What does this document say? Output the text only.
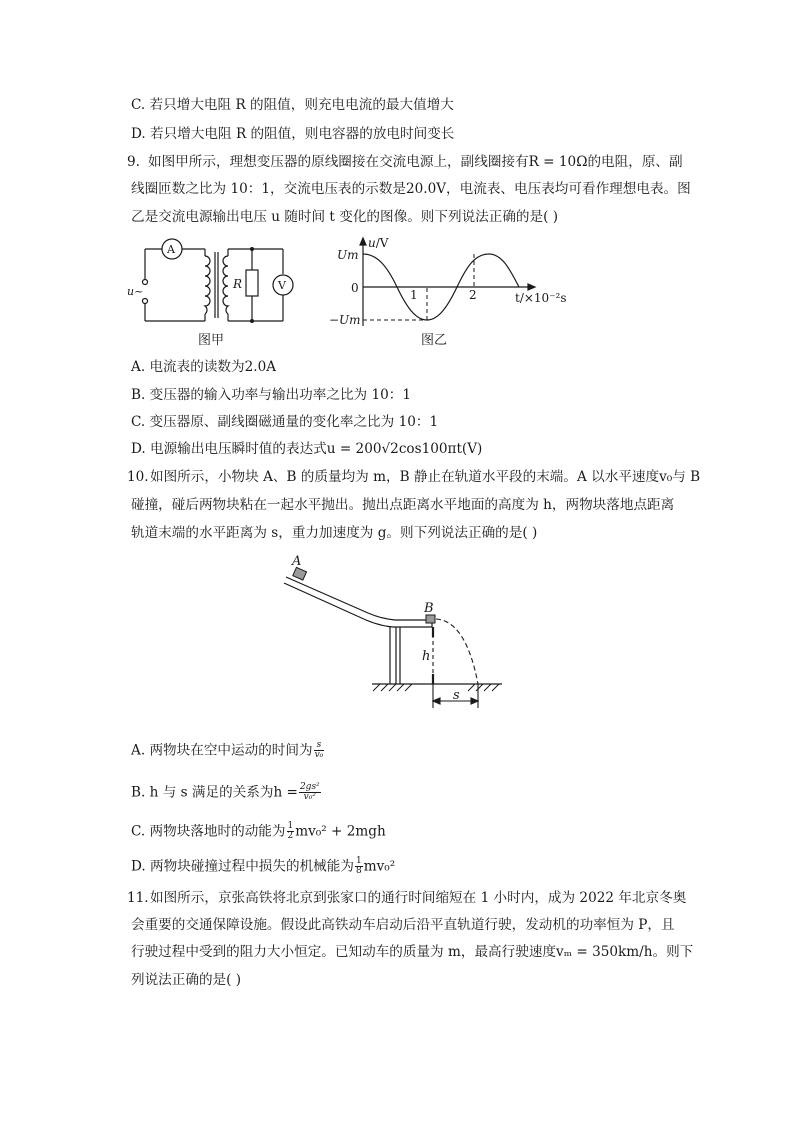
C. 若只增大电阻 R 的阻值，则充电电流的最大值增大
D. 若只增大电阻 R 的阻值，则电容器的放电时间变长
9. 如图甲所示，理想变压器的原线圈接在交流电源上，副线圈接有R = 10Ω的电阻，原、副
线圈匝数之比为 10：1，交流电压表的示数是20.0V，电流表、电压表均可看作理想电表。图
乙是交流电源输出电压 u 随时间 t 变化的图像。则下列说法正确的是( )
A
V
u~
R
图甲
u/V
Um
0
−Um
1	2	t/×10⁻²s
图乙
A. 电流表的读数为2.0A
B. 变压器的输入功率与输出功率之比为 10：1
C. 变压器原、副线圈磁通量的变化率之比为 10：1
D. 电源输出电压瞬时值的表达式u = 200√2cos100πt(V)
10. 如图所示，小物块 A、B 的质量均为 m，B 静止在轨道水平段的末端。A 以水平速度v₀与 B
碰撞，碰后两物块粘在一起水平抛出。抛出点距离水平地面的高度为 h，两物块落地点距离
轨道末端的水平距离为 s，重力加速度为 g。则下列说法正确的是( )
A
B
h
s
A. 两物块在空中运动的时间为 $\frac{s}{\text{v₀}}$
B. h 与 s 满足的关系为$h = \frac{\text{2gs²}}{\text{v₀²}}$
C. 两物块落地时的动能为 $\frac{1}{2} mv_0^2 + 2mgh$
D. 两物块碰撞过程中损失的机械能为 $\frac{1}{8} mv_0^2$
11. 如图所示，京张高铁将北京到张家口的通行时间缩短在 1 小时内，成为 2022 年北京冬奥
会重要的交通保障设施。假设此高铁动车启动后沿平直轨道行驶，发动机的功率恒为 P，且
行驶过程中受到的阻力大小恒定。已知动车的质量为 m，最高行驶速度vₘ = 350km/h。则下
列说法正确的是( )
